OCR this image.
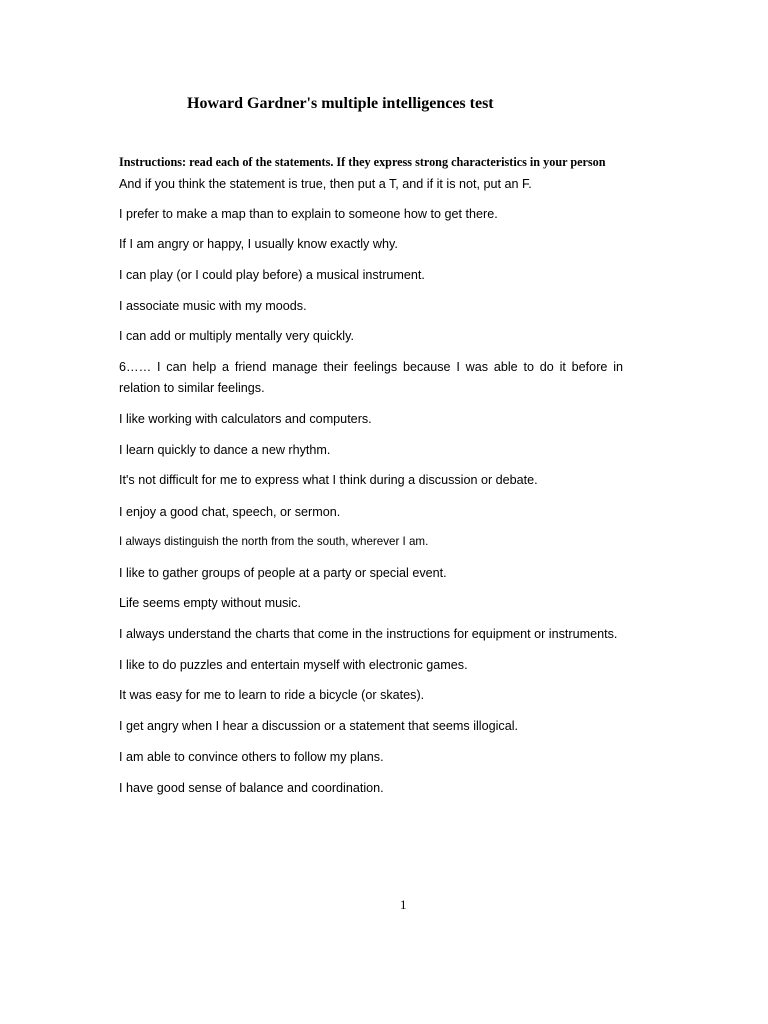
Howard Gardner's multiple intelligences test
Instructions: read each of the statements. If they express strong characteristics in your person
And if you think the statement is true, then put a T, and if it is not, put an F.
I prefer to make a map than to explain to someone how to get there.
If I am angry or happy, I usually know exactly why.
I can play (or I could play before) a musical instrument.
I associate music with my moods.
I can add or multiply mentally very quickly.
6…… I can help a friend manage their feelings because I was able to do it before in relation to similar feelings.
I like working with calculators and computers.
I learn quickly to dance a new rhythm.
It's not difficult for me to express what I think during a discussion or debate.
I enjoy a good chat, speech, or sermon.
I always distinguish the north from the south, wherever I am.
I like to gather groups of people at a party or special event.
Life seems empty without music.
I always understand the charts that come in the instructions for equipment or instruments.
I like to do puzzles and entertain myself with electronic games.
It was easy for me to learn to ride a bicycle (or skates).
I get angry when I hear a discussion or a statement that seems illogical.
I am able to convince others to follow my plans.
I have good sense of balance and coordination.
1
